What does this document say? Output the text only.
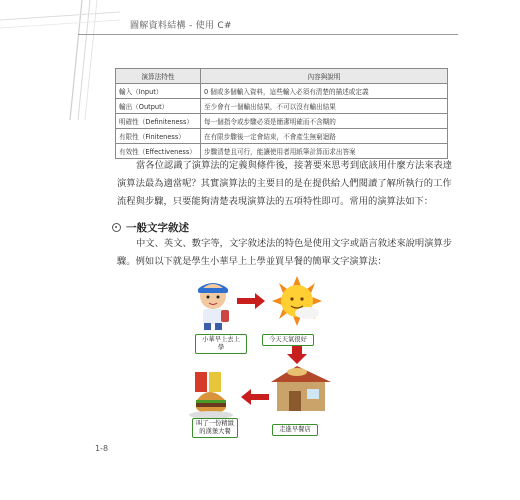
圖解資料結構 - 使用 C#
演算法特性	內容與說明
輸入（Input）	0 個或多個輸入資料，這些輸入必須有清楚的描述或定義
輸出（Output）	至少會有一個輸出結果，不可以沒有輸出結果
明確性（Definiteness）	每一個指令或步驟必須是簡潔明確而不含糊的
有限性（Finiteness）	在有限步驟後一定會結束，不會產生無窮迴路
有效性（Effectiveness）	步驟清楚且可行，能讓使用者用紙筆計算而求出答案

當各位認識了演算法的定義與條件後，接著要來思考到底該用什麼方法來表達演算法最為適當呢？其實演算法的主要目的是在提供給人們閱讀了解所執行的工作流程與步驟，只要能夠清楚表現演算法的五項特性即可。常用的演算法如下：

一般文字敘述

中文、英文、數字等，文字敘述法的特色是使用文字或語言敘述來說明演算步驟。例如以下就是學生小華早上上學並買早餐的簡單文字演算法：

小華早上去上學
今天天氣很好
叫了一份精緻的漢堡大餐	走進早餐店
1-8
